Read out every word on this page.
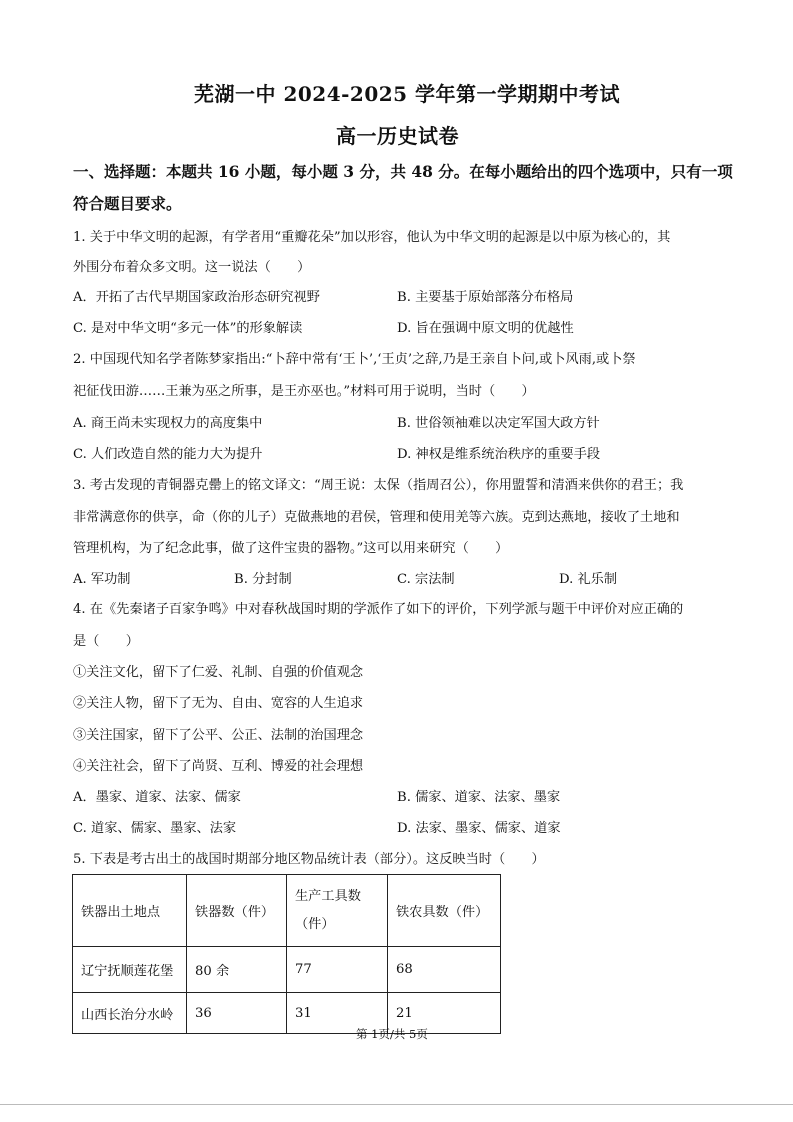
芜湖一中 2024-2025 学年第一学期期中考试
高一历史试卷
一、选择题：本题共 16 小题，每小题 3 分，共 48 分。在每小题给出的四个选项中，只有一项
符合题目要求。
1. 关于中华文明的起源，有学者用“重瓣花朵”加以形容，他认为中华文明的起源是以中原为核心的，其
外围分布着众多文明。这一说法（　　）
A．开拓了古代早期国家政治形态研究视野	B. 主要基于原始部落分布格局
C. 是对中华文明“多元一体”的形象解读	D. 旨在强调中原文明的优越性
2. 中国现代知名学者陈梦家指出:“卜辞中常有‘王卜’,‘王贞’之辞,乃是王亲自卜问,或卜风雨,或卜祭
祀征伐田游……王兼为巫之所事，是王亦巫也。”材料可用于说明，当时（　　）
A. 商王尚未实现权力的高度集中	B. 世俗领袖难以决定军国大政方针
C. 人们改造自然的能力大为提升	D. 神权是维系统治秩序的重要手段
3. 考古发现的青铜器克罍上的铭文译文：“周王说：太保（指周召公），你用盟誓和清酒来供你的君王；我
非常满意你的供享，命（你的儿子）克做燕地的君侯，管理和使用羌等六族。克到达燕地，接收了土地和
管理机构，为了纪念此事，做了这件宝贵的器物。”这可以用来研究（　　）
A. 军功制	B. 分封制	C. 宗法制	D. 礼乐制
4. 在《先秦诸子百家争鸣》中对春秋战国时期的学派作了如下的评价，下列学派与题干中评价对应正确的
是（　　）
①关注文化，留下了仁爱、礼制、自强的价值观念
②关注人物，留下了无为、自由、宽容的人生追求
③关注国家，留下了公平、公正、法制的治国理念
④关注社会，留下了尚贤、互利、博爱的社会理想
A．墨家、道家、法家、儒家	B. 儒家、道家、法家、墨家
C. 道家、儒家、墨家、法家	D. 法家、墨家、儒家、道家
5. 下表是考古出土的战国时期部分地区物品统计表（部分）。这反映当时（　　）
铁器出土地点	铁器数（件）	生产工具数（件）	铁农具数（件）
辽宁抚顺莲花堡	80 余	77	68
山西长治分水岭	36	31	21
第 1页/共 5页
